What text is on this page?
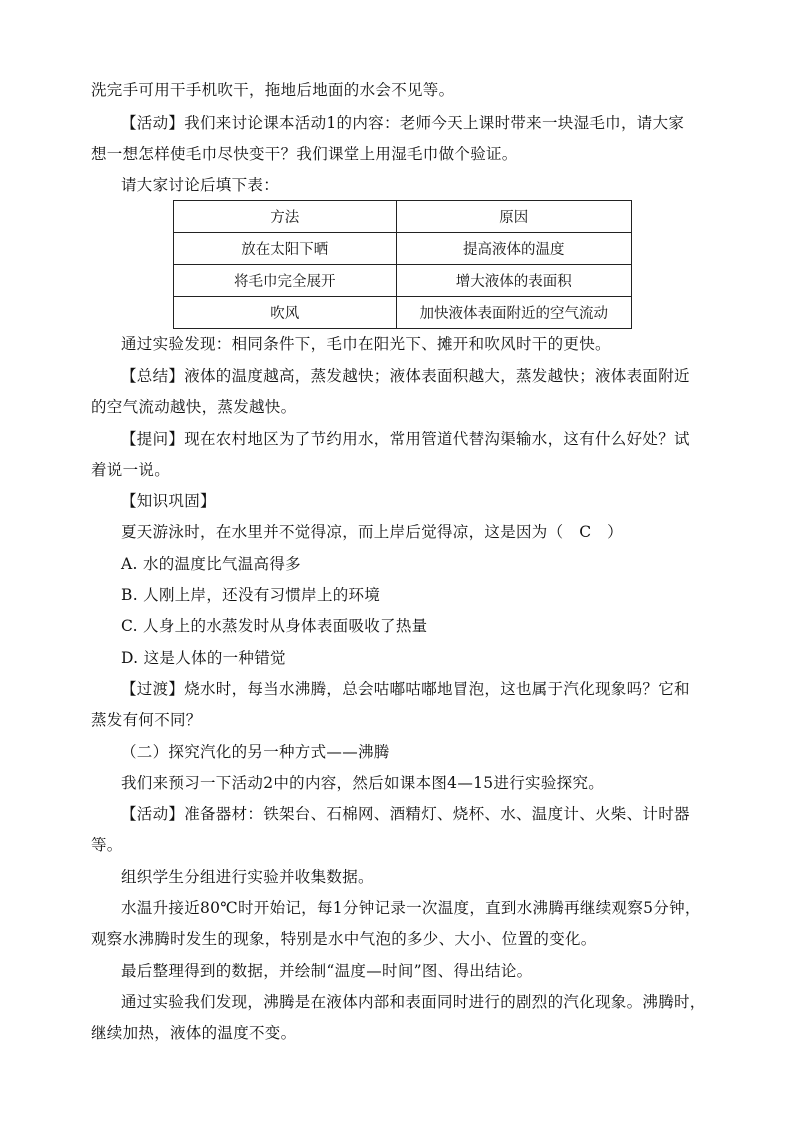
洗完手可用干手机吹干，拖地后地面的水会不见等。
【活动】我们来讨论课本活动1的内容：老师今天上课时带来一块湿毛巾，请大家
想一想怎样使毛巾尽快变干？我们课堂上用湿毛巾做个验证。
请大家讨论后填下表：
方法	原因
放在太阳下晒	提高液体的温度
将毛巾完全展开	增大液体的表面积
吹风	加快液体表面附近的空气流动
通过实验发现：相同条件下，毛巾在阳光下、摊开和吹风时干的更快。
【总结】液体的温度越高，蒸发越快；液体表面积越大，蒸发越快；液体表面附近
的空气流动越快，蒸发越快。
【提问】现在农村地区为了节约用水，常用管道代替沟渠输水，这有什么好处？试
着说一说。
【知识巩固】
夏天游泳时，在水里并不觉得凉，而上岸后觉得凉，这是因为（　C　）
A. 水的温度比气温高得多
B. 人刚上岸，还没有习惯岸上的环境
C. 人身上的水蒸发时从身体表面吸收了热量
D. 这是人体的一种错觉
【过渡】烧水时，每当水沸腾，总会咕嘟咕嘟地冒泡，这也属于汽化现象吗？它和
蒸发有何不同？
（二）探究汽化的另一种方式——沸腾
我们来预习一下活动2中的内容，然后如课本图4—15进行实验探究。
【活动】准备器材：铁架台、石棉网、酒精灯、烧杯、水、温度计、火柴、计时器
等。
组织学生分组进行实验并收集数据。
水温升接近80℃时开始记，每1分钟记录一次温度，直到水沸腾再继续观察5分钟，
观察水沸腾时发生的现象，特别是水中气泡的多少、大小、位置的变化。
最后整理得到的数据，并绘制“温度—时间”图、得出结论。
通过实验我们发现，沸腾是在液体内部和表面同时进行的剧烈的汽化现象。沸腾时，
继续加热，液体的温度不变。
